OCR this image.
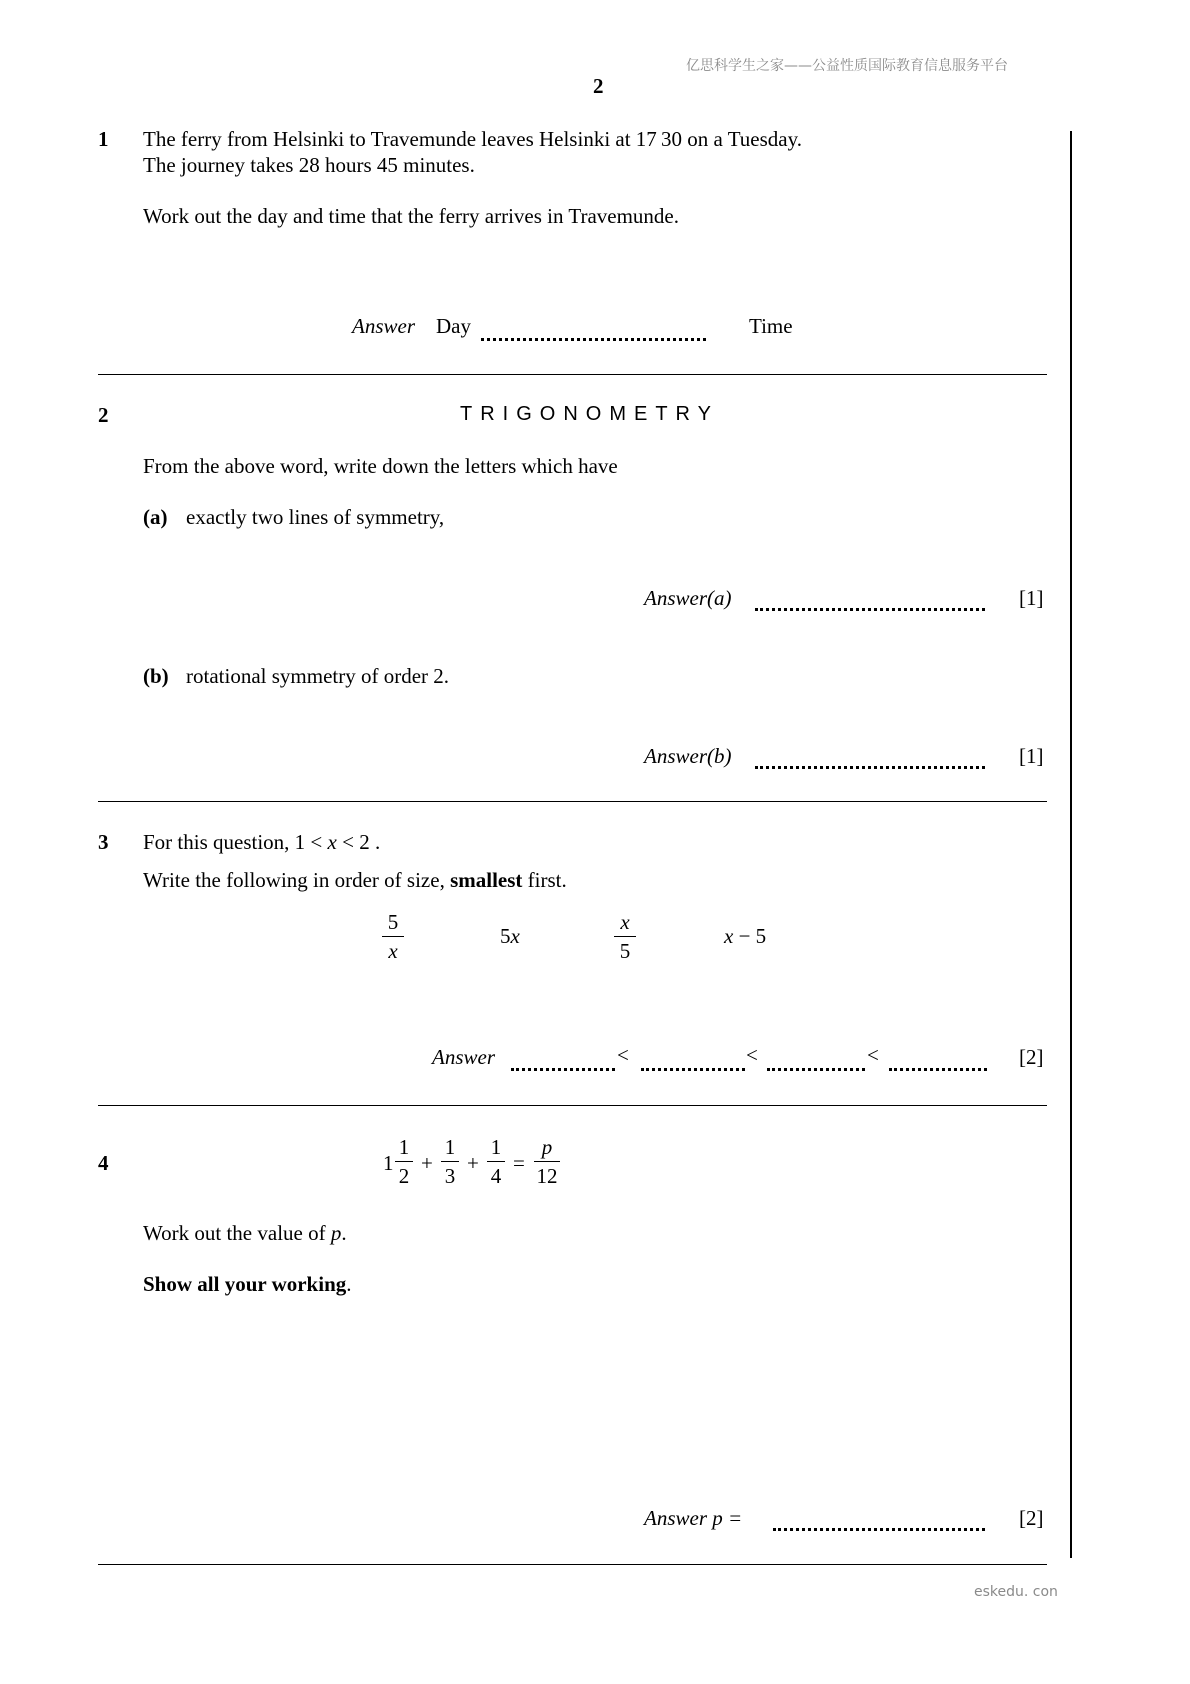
亿思科学生之家——公益性质国际教育信息服务平台
2
1 The ferry from Helsinki to Travemunde leaves Helsinki at 17 30 on a Tuesday.
The journey takes 28 hours 45 minutes.
Work out the day and time that the ferry arrives in Travemunde.
Answer Day	Time
2	TRIGONOMETRY
From the above word, write down the letters which have
(a) exactly two lines of symmetry,
Answer(a)	[1]
(b) rotational symmetry of order 2.
Answer(b)	[1]
3 For this question, 1 < x < 2 .
Write the following in order of size, smallest first.
5
x
5x
x
5
x − 5
Answer	<	<	<	[2]
4	1
1
2
+
1
3
+
1
4
=
p
12
Work out the value of p.
Show all your working.
Answer p =	[2]
eskedu. con
